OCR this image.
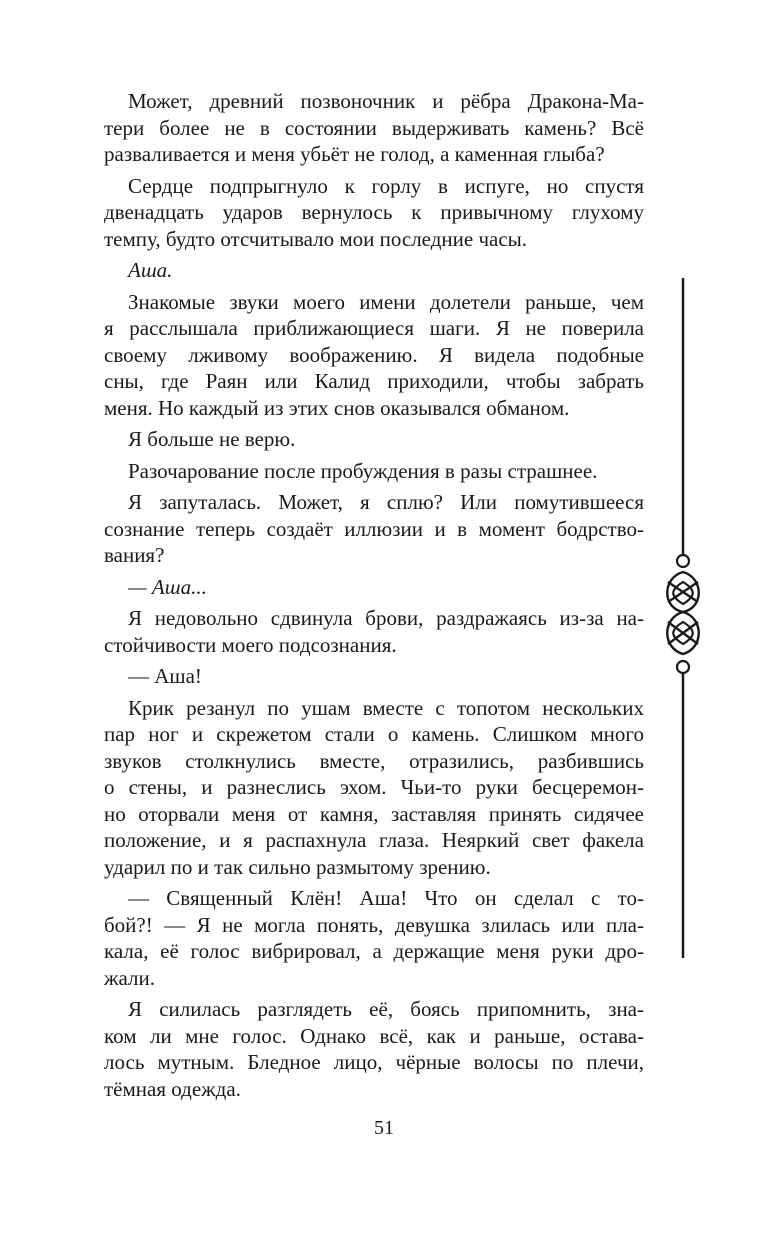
Может, древний позвоночник и рёбра Дракона-Ма-
тери более не в состоянии выдерживать камень? Всё
разваливается и меня убьёт не голод, а каменная глыба?
Сердце подпрыгнуло к горлу в испуге, но спустя
двенадцать ударов вернулось к привычному глухому
темпу, будто отсчитывало мои последние часы.
Аша.
Знакомые звуки моего имени долетели раньше, чем
я расслышала приближающиеся шаги. Я не поверила
своему лживому воображению. Я видела подобные
сны, где Раян или Калид приходили, чтобы забрать
меня. Но каждый из этих снов оказывался обманом.
Я больше не верю.
Разочарование после пробуждения в разы страшнее.
Я запуталась. Может, я сплю? Или помутившееся
сознание теперь создаёт иллюзии и в момент бодрство-
вания?
— Аша...
Я недовольно сдвинула брови, раздражаясь из-за на-
стойчивости моего подсознания.
— Аша!
Крик резанул по ушам вместе с топотом нескольких
пар ног и скрежетом стали о камень. Слишком много
звуков столкнулись вместе, отразились, разбившись
о стены, и разнеслись эхом. Чьи-то руки бесцеремон-
но оторвали меня от камня, заставляя принять сидячее
положение, и я распахнула глаза. Неяркий свет факела
ударил по и так сильно размытому зрению.
— Священный Клён! Аша! Что он сделал с то-
бой?! — Я не могла понять, девушка злилась или пла-
кала, её голос вибрировал, а держащие меня руки дро-
жали.
Я силилась разглядеть её, боясь припомнить, зна-
ком ли мне голос. Однако всё, как и раньше, остава-
лось мутным. Бледное лицо, чёрные волосы по плечи,
тёмная одежда.
51
